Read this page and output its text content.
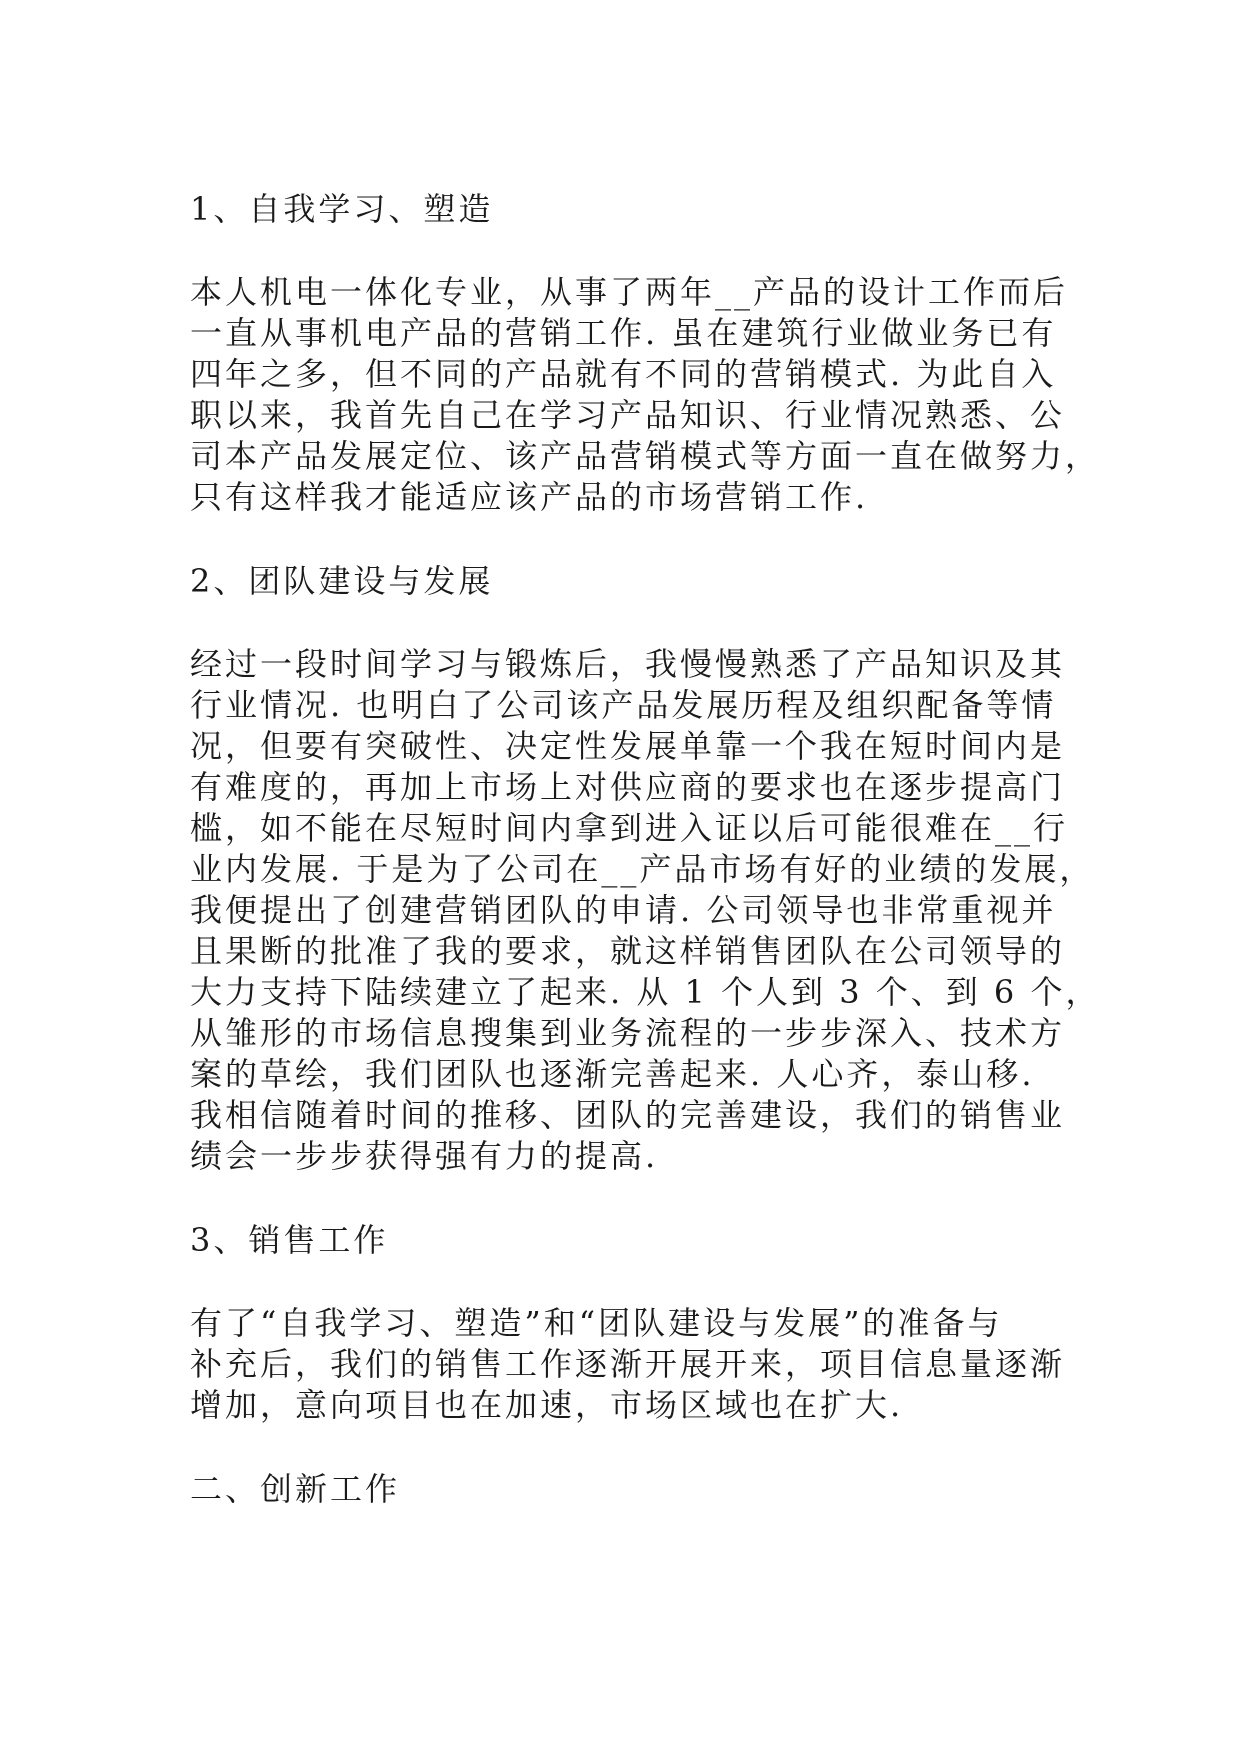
1、自我学习、塑造
本人机电一体化专业，从事了两年__产品的设计工作而后
一直从事机电产品的营销工作. 虽在建筑行业做业务已有
四年之多，但不同的产品就有不同的营销模式. 为此自入
职以来，我首先自己在学习产品知识、行业情况熟悉、公
司本产品发展定位、该产品营销模式等方面一直在做努力，
只有这样我才能适应该产品的市场营销工作.
2、团队建设与发展
经过一段时间学习与锻炼后，我慢慢熟悉了产品知识及其
行业情况. 也明白了公司该产品发展历程及组织配备等情
况，但要有突破性、决定性发展单靠一个我在短时间内是
有难度的，再加上市场上对供应商的要求也在逐步提高门
槛，如不能在尽短时间内拿到进入证以后可能很难在__行
业内发展. 于是为了公司在__产品市场有好的业绩的发展，
我便提出了创建营销团队的申请. 公司领导也非常重视并
且果断的批准了我的要求，就这样销售团队在公司领导的
大力支持下陆续建立了起来. 从 1 个人到 3 个、到 6 个，
从雏形的市场信息搜集到业务流程的一步步深入、技术方
案的草绘，我们团队也逐渐完善起来. 人心齐，泰山移.
我相信随着时间的推移、团队的完善建设，我们的销售业
绩会一步步获得强有力的提高.
3、销售工作
有了“自我学习、塑造”和“团队建设与发展”的准备与
补充后，我们的销售工作逐渐开展开来，项目信息量逐渐
增加，意向项目也在加速，市场区域也在扩大.
二、创新工作
